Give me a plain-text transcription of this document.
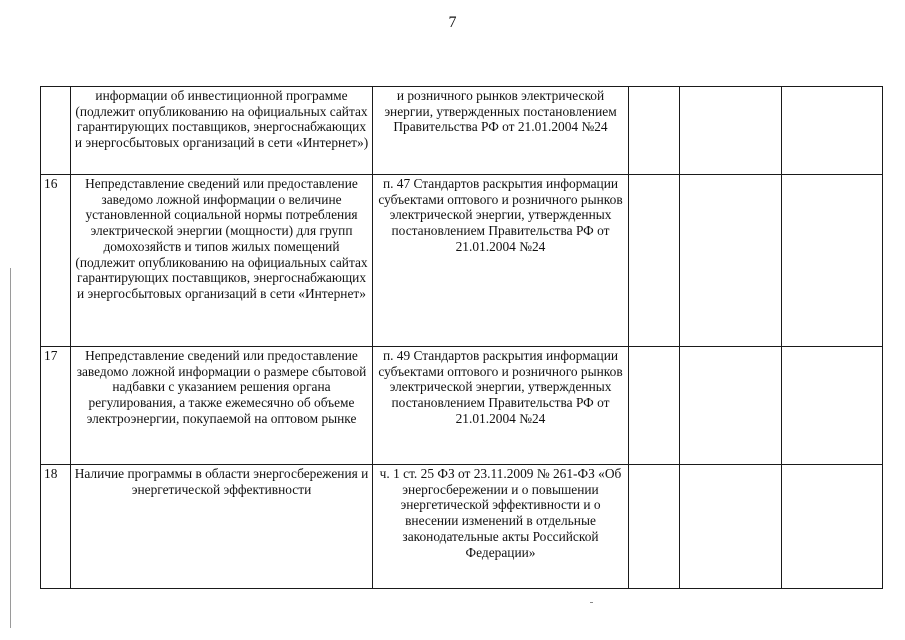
7
	информации об инвестиционной программе (подлежит опубликованию на официальных сайтах гарантирующих поставщиков, энергоснабжающих и энергосбытовых организаций в сети «Интернет»)	и розничного рынков электрической энергии, утвержденных постановлением Правительства РФ от 21.01.2004 №24			
16	Непредставление сведений или предоставление заведомо ложной информации о величине установленной социальной нормы потребления электрической энергии (мощности) для групп домохозяйств и типов жилых помещений (подлежит опубликованию на официальных сайтах гарантирующих поставщиков, энергоснабжающих и энергосбытовых организаций в сети «Интернет»	п. 47 Стандартов раскрытия информации субъектами оптового и розничного рынков электрической энергии, утвержденных постановлением Правительства РФ от 21.01.2004 №24			
17	Непредставление сведений или предоставление заведомо ложной информации о размере сбытовой надбавки с указанием решения органа регулирования, а также ежемесячно об объеме электроэнергии, покупаемой на оптовом рынке	п. 49 Стандартов раскрытия информации субъектами оптового и розничного рынков электрической энергии, утвержденных постановлением Правительства РФ от 21.01.2004 №24			
18	Наличие программы в области энергосбережения и энергетической эффективности	ч. 1 ст. 25 ФЗ от 23.11.2009 № 261-ФЗ «Об энергосбережении и о повышении энергетической эффективности и о внесении изменений в отдельные законодательные акты Российской Федерации»			
